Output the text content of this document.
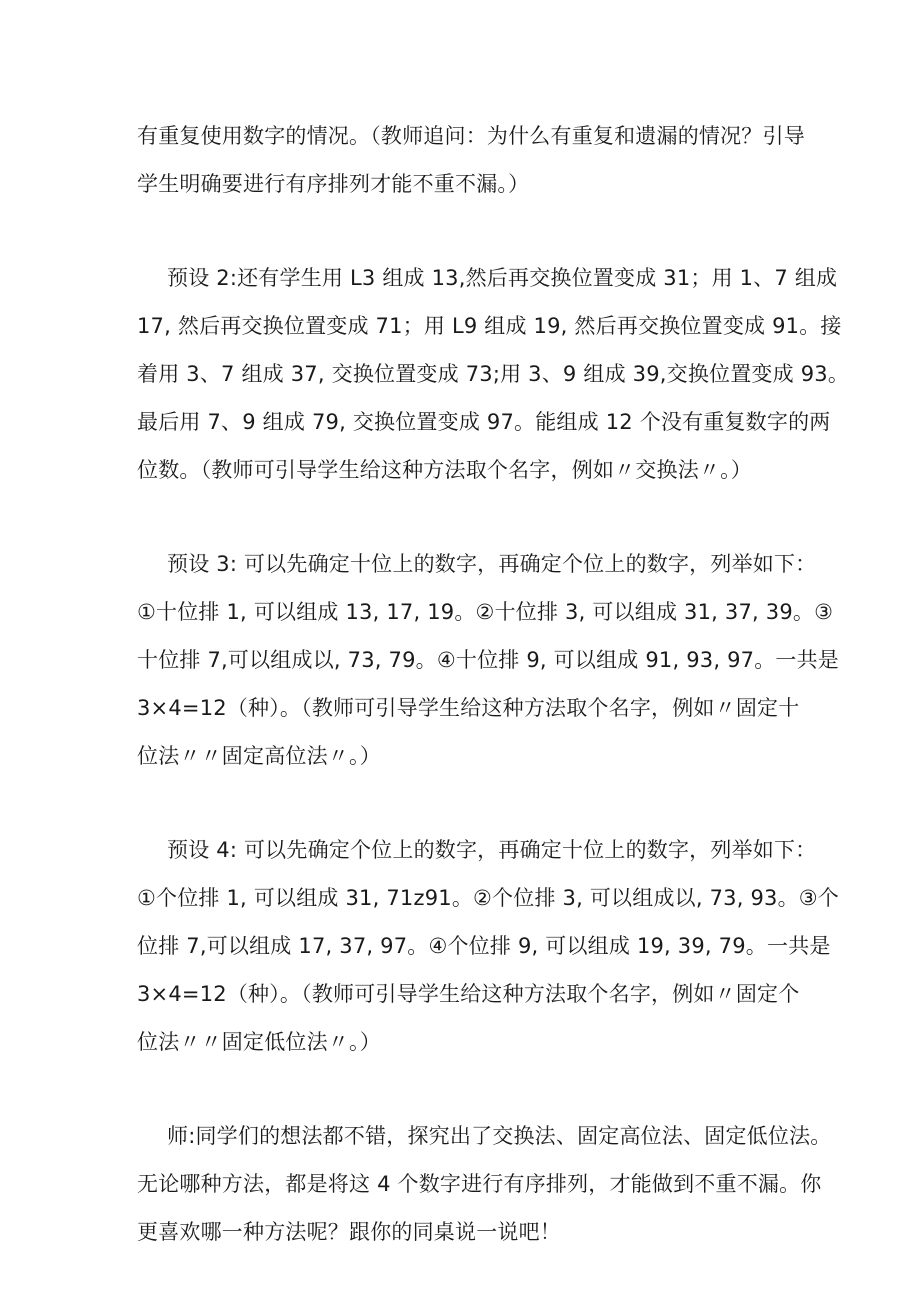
有重复使用数字的情况。（教师追问：为什么有重复和遗漏的情况？引导
学生明确要进行有序排列才能不重不漏。）
预设 2:还有学生用 L3 组成 13,然后再交换位置变成 31；用 1、7 组成
17, 然后再交换位置变成 71；用 L9 组成 19, 然后再交换位置变成 91。接
着用 3、7 组成 37, 交换位置变成 73;用 3、9 组成 39,交换位置变成 93。
最后用 7、9 组成 79, 交换位置变成 97。能组成 12 个没有重复数字的两
位数。（教师可引导学生给这种方法取个名字，例如〃交换法〃。）
预设 3: 可以先确定十位上的数字，再确定个位上的数字，列举如下：
①十位排 1, 可以组成 13, 17, 19。②十位排 3, 可以组成 31, 37, 39。③
十位排 7,可以组成以, 73, 79。④十位排 9, 可以组成 91, 93, 97。一共是
3×4=12（种）。（教师可引导学生给这种方法取个名字，例如〃固定十
位法〃〃固定高位法〃。）
预设 4: 可以先确定个位上的数字，再确定十位上的数字，列举如下：
①个位排 1, 可以组成 31, 71z91。②个位排 3, 可以组成以, 73, 93。③个
位排 7,可以组成 17, 37, 97。④个位排 9, 可以组成 19, 39, 79。一共是
3×4=12（种）。（教师可引导学生给这种方法取个名字，例如〃固定个
位法〃〃固定低位法〃。）
师:同学们的想法都不错，探究出了交换法、固定高位法、固定低位法。
无论哪种方法，都是将这 4 个数字进行有序排列，才能做到不重不漏。你
更喜欢哪一种方法呢？跟你的同桌说一说吧！
